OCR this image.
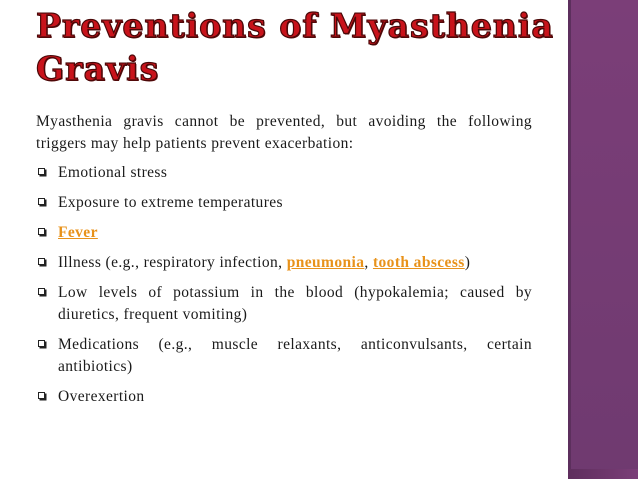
Preventions of Myasthenia Gravis

Myasthenia gravis cannot be prevented, but avoiding the following triggers may help patients prevent exacerbation:

Emotional stress
Exposure to extreme temperatures
Fever
Illness (e.g., respiratory infection, pneumonia, tooth abscess)
Low levels of potassium in the blood (hypokalemia; caused by diuretics, frequent vomiting)
Medications (e.g., muscle relaxants, anticonvulsants, certain antibiotics)
Overexertion
